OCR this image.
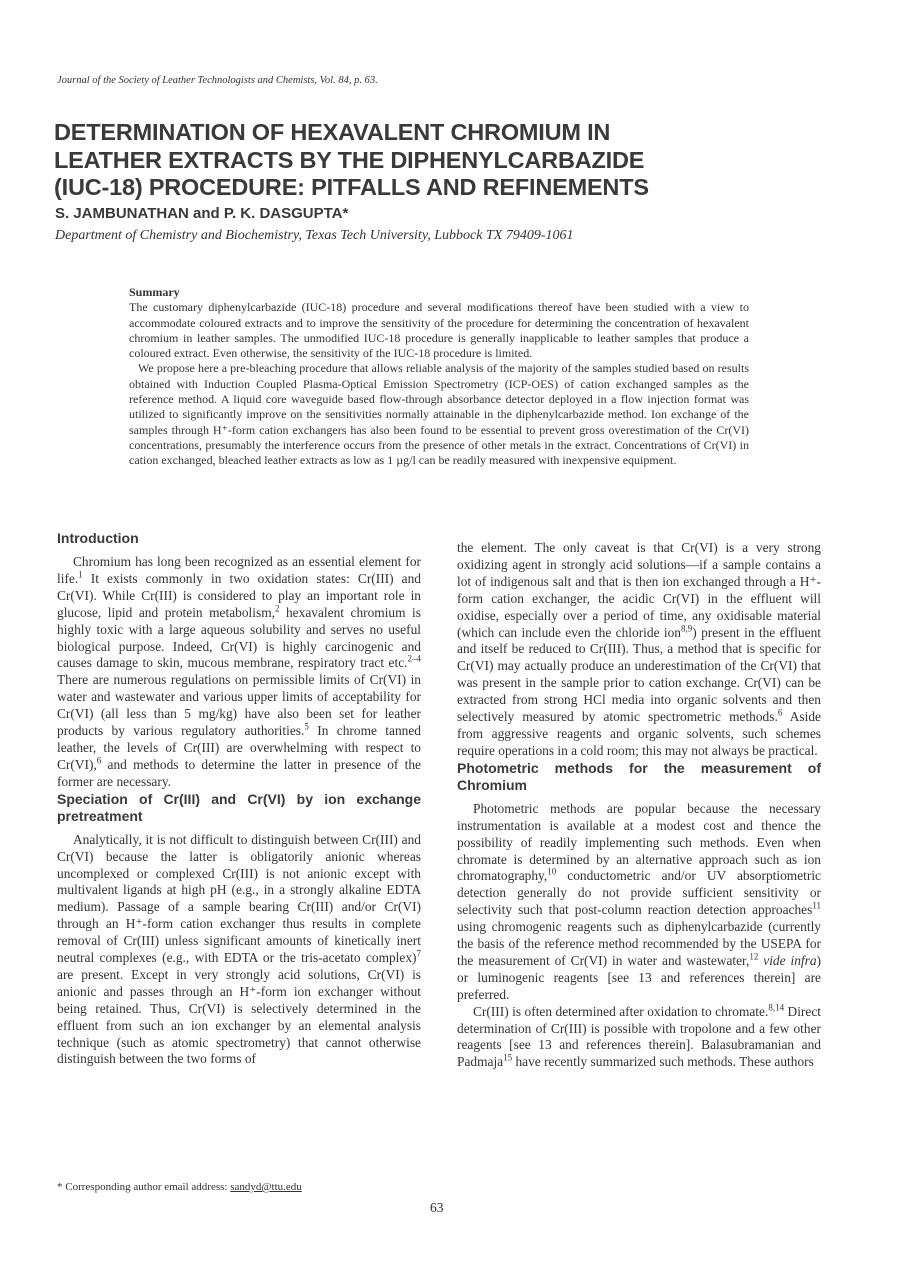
Journal of the Society of Leather Technologists and Chemists, Vol. 84, p. 63.
DETERMINATION OF HEXAVALENT CHROMIUM IN
LEATHER EXTRACTS BY THE DIPHENYLCARBAZIDE
(IUC-18) PROCEDURE: PITFALLS AND REFINEMENTS
S. JAMBUNATHAN and P. K. DASGUPTA*
Department of Chemistry and Biochemistry, Texas Tech University, Lubbock TX 79409-1061
Summary

The customary diphenylcarbazide (IUC-18) procedure and several modifications thereof have been studied with a view to accommodate coloured extracts and to improve the sensitivity of the procedure for determining the concentration of hexavalent chromium in leather samples. The unmodified IUC-18 procedure is generally inapplicable to leather samples that produce a coloured extract. Even otherwise, the sensitivity of the IUC-18 procedure is limited.

We propose here a pre-bleaching procedure that allows reliable analysis of the majority of the samples studied based on results obtained with Induction Coupled Plasma-Optical Emission Spectrometry (ICP-OES) of cation exchanged samples as the reference method. A liquid core waveguide based flow-through absorbance detector deployed in a flow injection format was utilized to significantly improve on the sensitivities normally attainable in the diphenylcarbazide method. Ion exchange of the samples through H⁺-form cation exchangers has also been found to be essential to prevent gross overestimation of the Cr(VI) concentrations, presumably the interference occurs from the presence of other metals in the extract. Concentrations of Cr(VI) in cation exchanged, bleached leather extracts as low as 1 µg/l can be readily measured with inexpensive equipment.

Introduction

Chromium has long been recognized as an essential element for life.$^1$ It exists commonly in two oxidation states: Cr(III) and Cr(VI). While Cr(III) is considered to play an important role in glucose, lipid and protein metabolism,$^2$ hexavalent chromium is highly toxic with a large aqueous solubility and serves no useful biological purpose. Indeed, Cr(VI) is highly carcinogenic and causes damage to skin, mucous membrane, respiratory tract etc.$^{2-4}$ There are numerous regulations on permissible limits of Cr(VI) in water and wastewater and various upper limits of acceptability for Cr(VI) (all less than 5 mg/kg) have also been set for leather products by various regulatory authorities.$^5$ In chrome tanned leather, the levels of Cr(III) are overwhelming with respect to Cr(VI),$^6$ and methods to determine the latter in presence of the former are necessary.

Speciation of Cr(III) and Cr(VI) by ion exchange pretreatment

Analytically, it is not difficult to distinguish between Cr(III) and Cr(VI) because the latter is obligatorily anionic whereas uncomplexed or complexed Cr(III) is not anionic except with multivalent ligands at high pH (e.g., in a strongly alkaline EDTA medium). Passage of a sample bearing Cr(III) and/or Cr(VI) through an H⁺-form cation exchanger thus results in complete removal of Cr(III) unless significant amounts of kinetically inert neutral complexes (e.g., with EDTA or the tris-acetato complex)$^7$ are present. Except in very strongly acid solutions, Cr(VI) is anionic and passes through an H⁺-form ion exchanger without being retained. Thus, Cr(VI) is selectively determined in the effluent from such an ion exchanger by an elemental analysis technique (such as atomic spectrometry) that cannot otherwise distinguish between the two forms of

the element. The only caveat is that Cr(VI) is a very strong oxidizing agent in strongly acid solutions—if a sample contains a lot of indigenous salt and that is then ion exchanged through a H⁺-form cation exchanger, the acidic Cr(VI) in the effluent will oxidise, especially over a period of time, any oxidisable material (which can include even the chloride ion$^{8,9}$) present in the effluent and itself be reduced to Cr(III). Thus, a method that is specific for Cr(VI) may actually produce an underestimation of the Cr(VI) that was present in the sample prior to cation exchange. Cr(VI) can be extracted from strong HCl media into organic solvents and then selectively measured by atomic spectrometric methods.$^6$ Aside from aggressive reagents and organic solvents, such schemes require operations in a cold room; this may not always be practical.

Photometric methods for the measurement of Chromium

Photometric methods are popular because the necessary instrumentation is available at a modest cost and thence the possibility of readily implementing such methods. Even when chromate is determined by an alternative approach such as ion chromatography,$^{10}$ conductometric and/or UV absorptiometric detection generally do not provide sufficient sensitivity or selectivity such that post-column reaction detection approaches$^{11}$ using chromogenic reagents such as diphenylcarbazide (currently the basis of the reference method recommended by the USEPA for the measurement of Cr(VI) in water and wastewater,$^{12}$ vide infra) or luminogenic reagents [see 13 and references therein] are preferred.

Cr(III) is often determined after oxidation to chromate.$^{8,14}$ Direct determination of Cr(III) is possible with tropolone and a few other reagents [see 13 and references therein]. Balasubramanian and Padmaja$^{15}$ have recently summarized such methods. These authors

* Corresponding author email address: sandyd@ttu.edu
63
